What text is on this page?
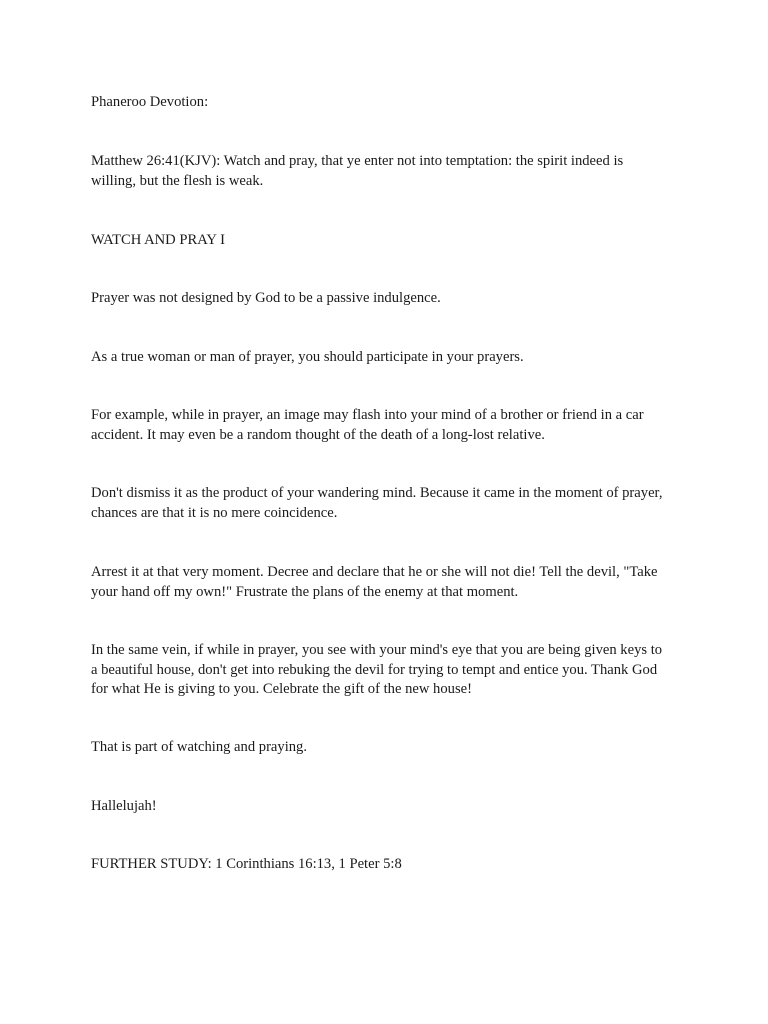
Phaneroo Devotion:

Matthew 26:41(KJV): Watch and pray, that ye enter not into temptation: the spirit indeed is willing, but the flesh is weak.

WATCH AND PRAY I

Prayer was not designed by God to be a passive indulgence.

As a true woman or man of prayer, you should participate in your prayers.

For example, while in prayer, an image may flash into your mind of a brother or friend in a car accident. It may even be a random thought of the death of a long-lost relative.

Don't dismiss it as the product of your wandering mind. Because it came in the moment of prayer, chances are that it is no mere coincidence.

Arrest it at that very moment. Decree and declare that he or she will not die! Tell the devil, "Take your hand off my own!" Frustrate the plans of the enemy at that moment.

In the same vein, if while in prayer, you see with your mind's eye that you are being given keys to a beautiful house, don't get into rebuking the devil for trying to tempt and entice you. Thank God for what He is giving to you. Celebrate the gift of the new house!

That is part of watching and praying.

Hallelujah!

FURTHER STUDY: 1 Corinthians 16:13, 1 Peter 5:8
